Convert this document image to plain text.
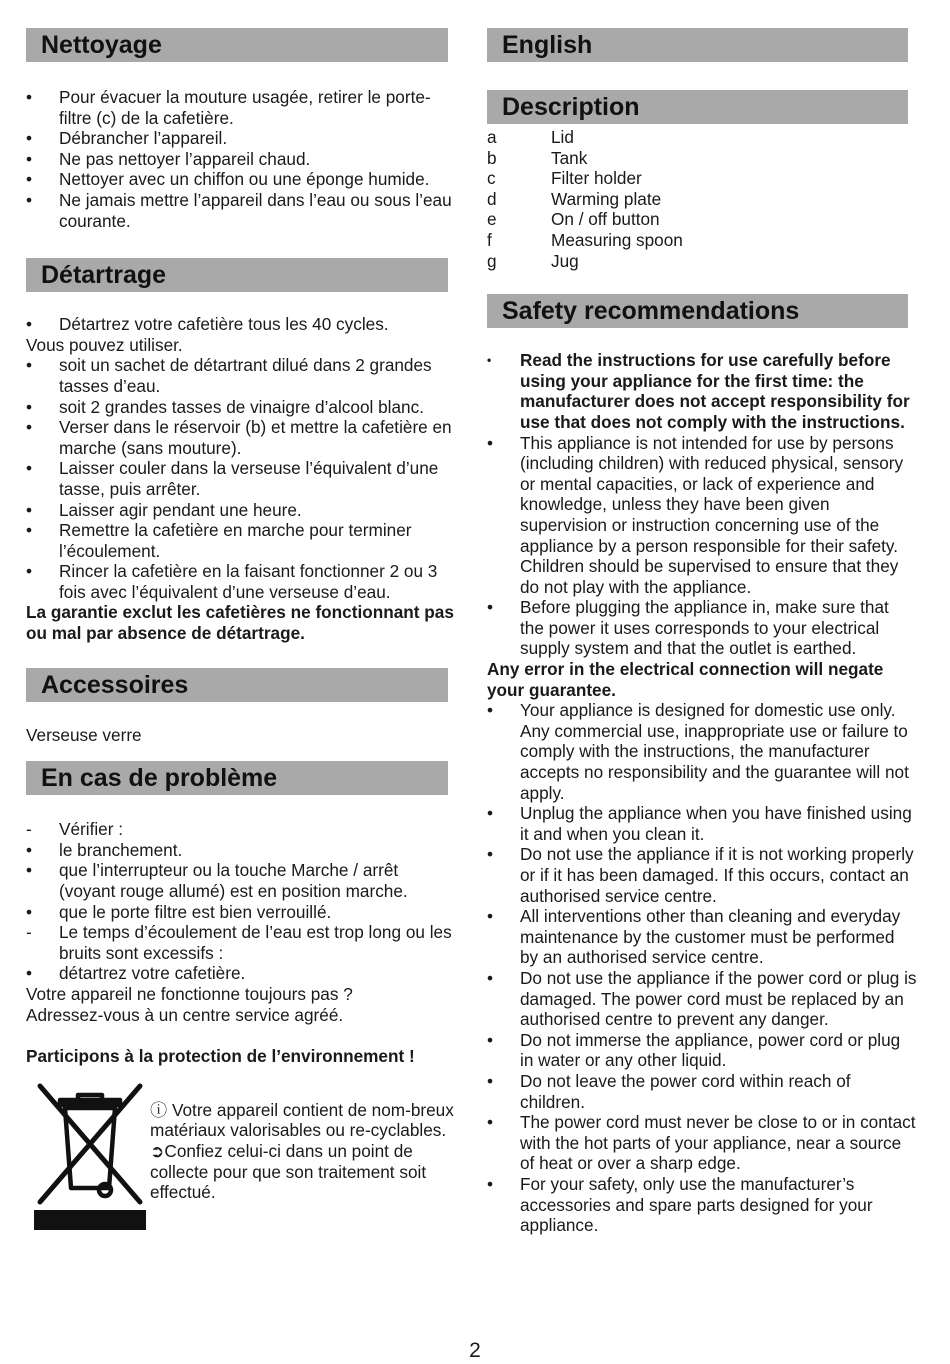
Nettoyage
• Pour évacuer la mouture usagée, retirer le porte-filtre (c) de la cafetière.
• Débrancher l’appareil.
• Ne pas nettoyer l’appareil chaud.
• Nettoyer avec un chiffon ou une éponge humide.
• Ne jamais mettre l’appareil dans l’eau ou sous l’eau courante.
Détartrage
• Détartrez votre cafetière tous les 40 cycles.

Vous pouvez utiliser.

• soit un sachet de détartrant dilué dans 2 grandes tasses d’eau.
• soit 2 grandes tasses de vinaigre d’alcool blanc.
• Verser dans le réservoir (b) et mettre la cafetière en marche (sans mouture).
• Laisser couler dans la verseuse l’équivalent d’une tasse, puis arrêter.
• Laisser agir pendant une heure.
• Remettre la cafetière en marche pour terminer l’écoulement.
• Rincer la cafetière en la faisant fonctionner 2 ou 3 fois avec l’équivalent d’une verseuse d’eau.

La garantie exclut les cafetières ne fonctionnant pas ou mal par absence de détartrage.

Accessoires

Verseuse verre

En cas de problème
- Vérifier :
• le branchement.
• que l’interrupteur ou la touche Marche / arrêt (voyant rouge allumé) est en position marche.
• que le porte filtre est bien verrouillé.
- Le temps d’écoulement de l’eau est trop long ou les bruits sont excessifs :
• détartrez votre cafetière.

Votre appareil ne fonctionne toujours pas ?

Adressez-vous à un centre service agréé.

Participons à la protection de l’environnement !

ⓘ Votre appareil contient de nom-breux matériaux valorisables ou re-cyclables.
➲Confiez celui-ci dans un point de collecte pour que son traitement soit effectué.
English
Description
a	Lid
b	Tank
c	Filter holder
d	Warming plate
e	On / off button
f	Measuring spoon
g	Jug
Safety recommendations
• Read the instructions for use carefully before using your appliance for the first time: the manufacturer does not accept responsibility for use that does not comply with the instructions.
• This appliance is not intended for use by persons (including children) with reduced physical, sensory or mental capacities, or lack of experience and knowledge, unless they have been given supervision or instruction concerning use of the appliance by a person responsible for their safety. Children should be supervised to ensure that they do not play with the appliance.
• Before plugging the appliance in, make sure that the power it uses corresponds to your electrical supply system and that the outlet is earthed.

Any error in the electrical connection will negate your guarantee.

• Your appliance is designed for domestic use only. Any commercial use, inappropriate use or failure to comply with the instructions, the manufacturer accepts no responsibility and the guarantee will not apply.
• Unplug the appliance when you have finished using it and when you clean it.
• Do not use the appliance if it is not working properly or if it has been damaged. If this occurs, contact an authorised service centre.
• All interventions other than cleaning and everyday maintenance by the customer must be performed by an authorised service centre.
• Do not use the appliance if the power cord or plug is damaged. The power cord must be replaced by an authorised centre to prevent any danger.
• Do not immerse the appliance, power cord or plug in water or any other liquid.
• Do not leave the power cord within reach of children.
• The power cord must never be close to or in contact with the hot parts of your appliance, near a source of heat or over a sharp edge.
• For your safety, only use the manufacturer’s accessories and spare parts designed for your appliance.
2
